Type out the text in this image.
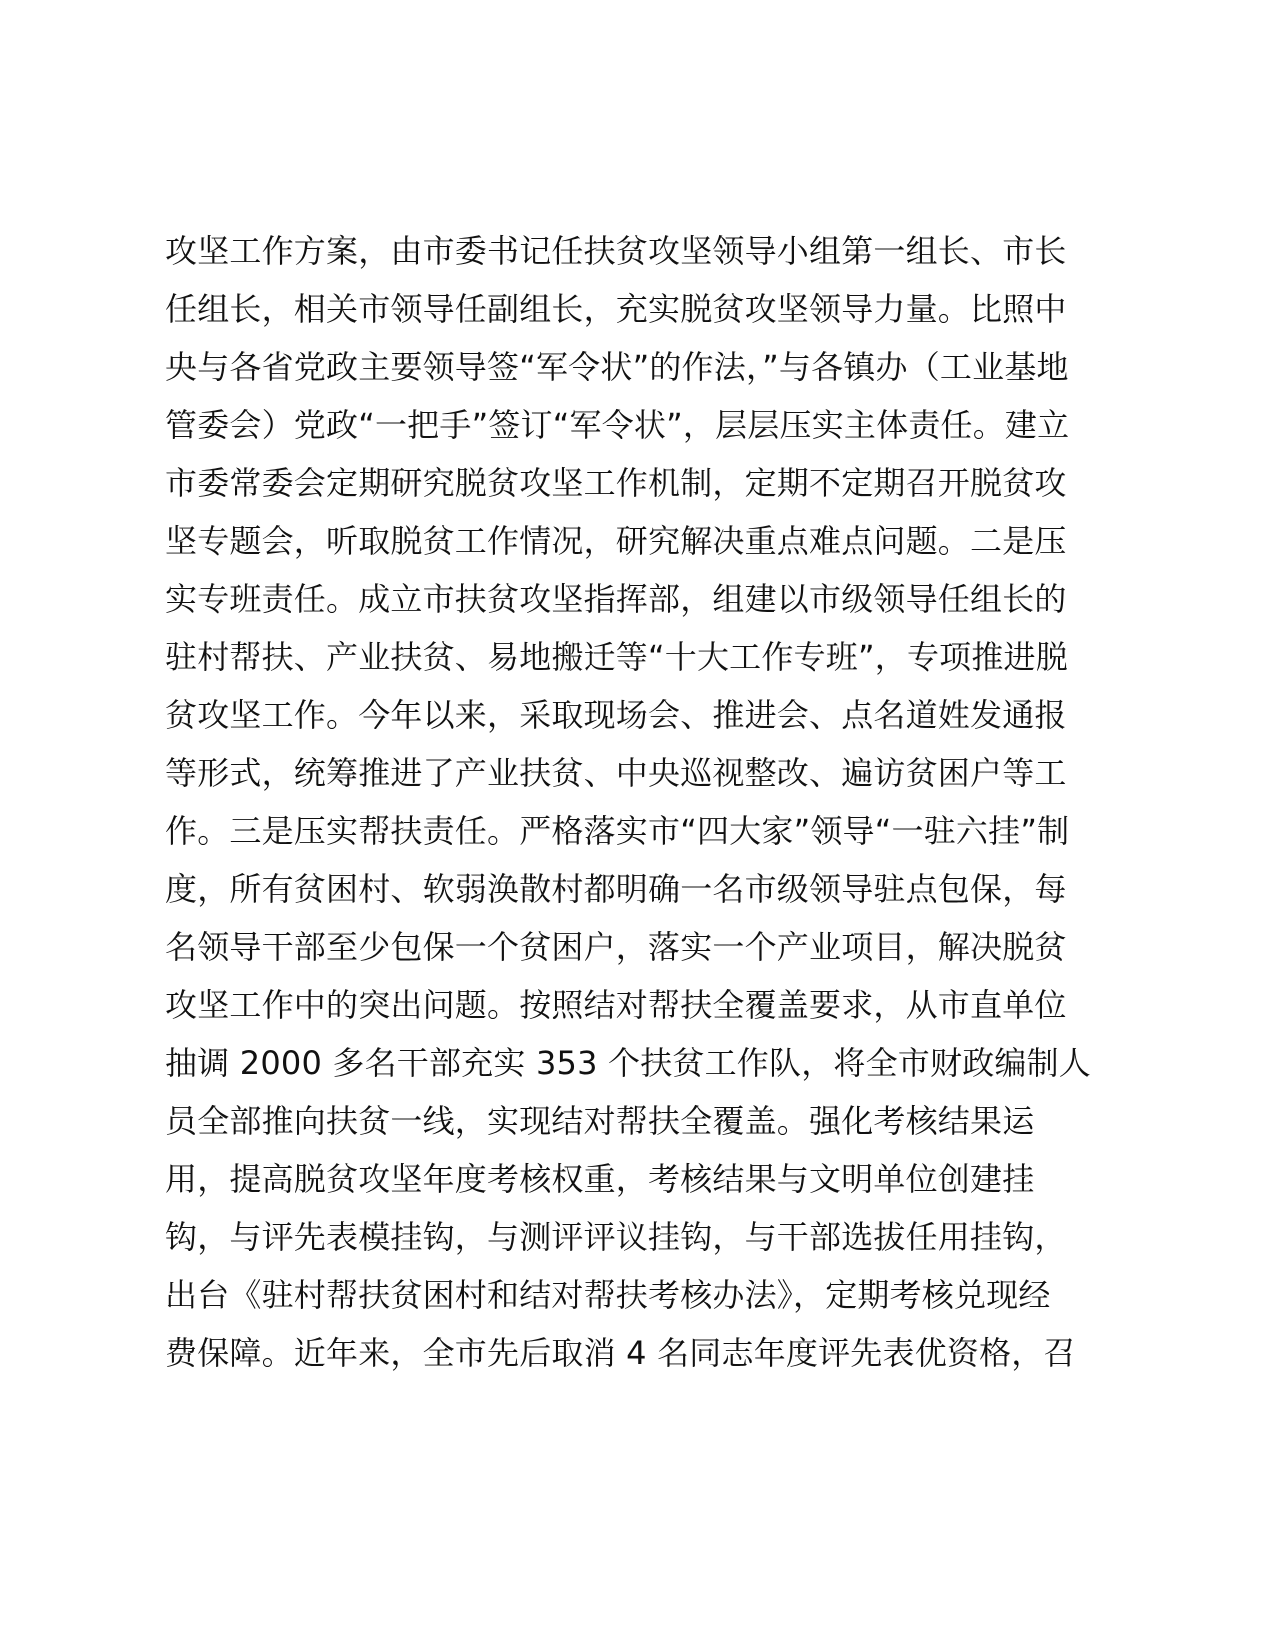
攻坚工作方案，由市委书记任扶贫攻坚领导小组第一组长、市长
任组长，相关市领导任副组长，充实脱贫攻坚领导力量。比照中
央与各省党政主要领导签“军令状”的作法，”与各镇办（工业基地
管委会）党政“一把手”签订“军令状”，层层压实主体责任。建立
市委常委会定期研究脱贫攻坚工作机制，定期不定期召开脱贫攻
坚专题会，听取脱贫工作情况，研究解决重点难点问题。二是压
实专班责任。成立市扶贫攻坚指挥部，组建以市级领导任组长的
驻村帮扶、产业扶贫、易地搬迁等“十大工作专班”，专项推进脱
贫攻坚工作。今年以来，采取现场会、推进会、点名道姓发通报
等形式，统筹推进了产业扶贫、中央巡视整改、遍访贫困户等工
作。三是压实帮扶责任。严格落实市“四大家”领导“一驻六挂”制
度，所有贫困村、软弱涣散村都明确一名市级领导驻点包保，每
名领导干部至少包保一个贫困户，落实一个产业项目，解决脱贫
攻坚工作中的突出问题。按照结对帮扶全覆盖要求，从市直单位
抽调 2000 多名干部充实 353 个扶贫工作队，将全市财政编制人
员全部推向扶贫一线，实现结对帮扶全覆盖。强化考核结果运
用，提高脱贫攻坚年度考核权重，考核结果与文明单位创建挂
钩，与评先表模挂钩，与测评评议挂钩，与干部选拔任用挂钩，
出台《驻村帮扶贫困村和结对帮扶考核办法》，定期考核兑现经
费保障。近年来，全市先后取消 4 名同志年度评先表优资格，召
